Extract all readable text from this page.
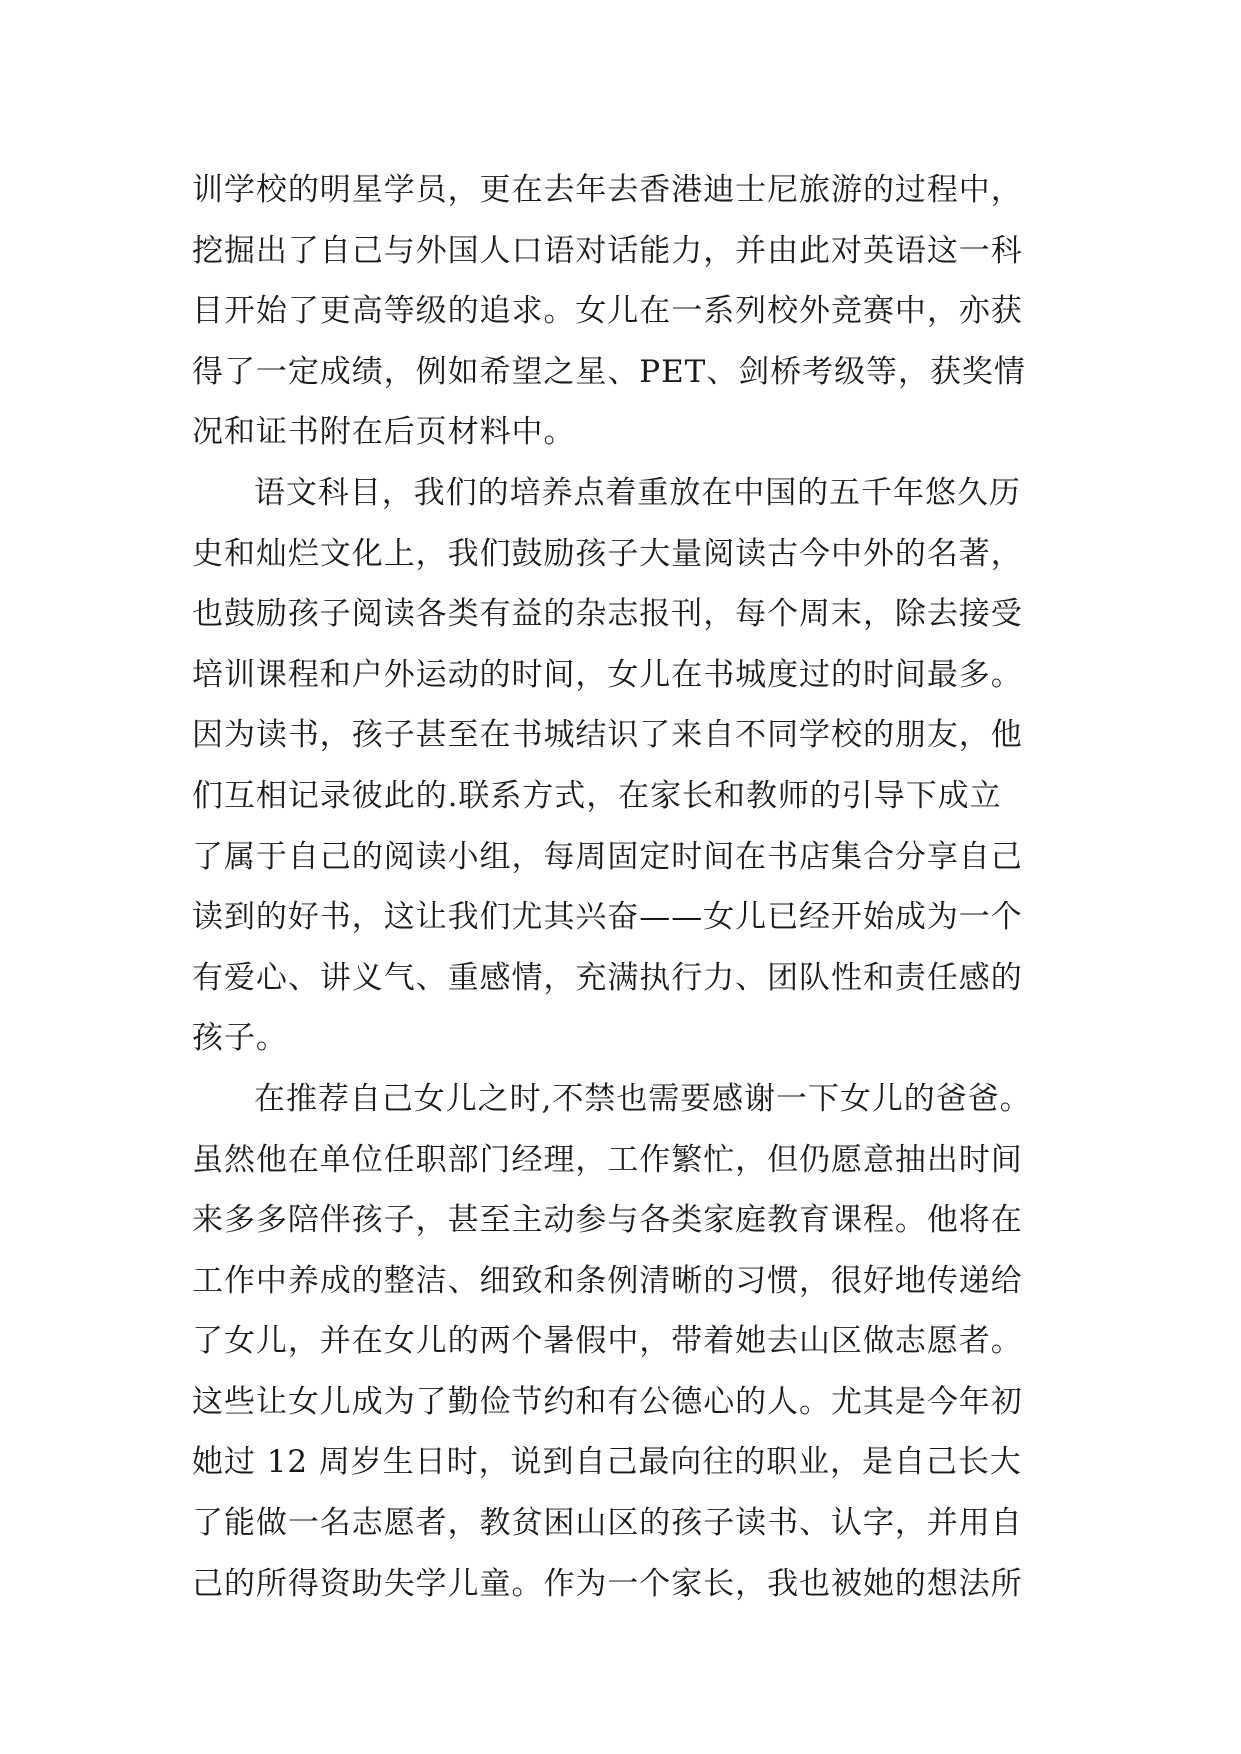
训学校的明星学员，更在去年去香港迪士尼旅游的过程中，
挖掘出了自己与外国人口语对话能力，并由此对英语这一科
目开始了更高等级的追求。女儿在一系列校外竞赛中，亦获
得了一定成绩，例如希望之星、PET、剑桥考级等，获奖情
况和证书附在后页材料中。
语文科目，我们的培养点着重放在中国的五千年悠久历
史和灿烂文化上，我们鼓励孩子大量阅读古今中外的名著，
也鼓励孩子阅读各类有益的杂志报刊，每个周末，除去接受
培训课程和户外运动的时间，女儿在书城度过的时间最多。
因为读书，孩子甚至在书城结识了来自不同学校的朋友，他
们互相记录彼此的.联系方式，在家长和教师的引导下成立
了属于自己的阅读小组，每周固定时间在书店集合分享自己
读到的好书，这让我们尤其兴奋——女儿已经开始成为一个
有爱心、讲义气、重感情，充满执行力、团队性和责任感的
孩子。
在推荐自己女儿之时,不禁也需要感谢一下女儿的爸爸。
虽然他在单位任职部门经理，工作繁忙，但仍愿意抽出时间
来多多陪伴孩子，甚至主动参与各类家庭教育课程。他将在
工作中养成的整洁、细致和条例清晰的习惯，很好地传递给
了女儿，并在女儿的两个暑假中，带着她去山区做志愿者。
这些让女儿成为了勤俭节约和有公德心的人。尤其是今年初
她过 12 周岁生日时，说到自己最向往的职业，是自己长大
了能做一名志愿者，教贫困山区的孩子读书、认字，并用自
己的所得资助失学儿童。作为一个家长，我也被她的想法所
